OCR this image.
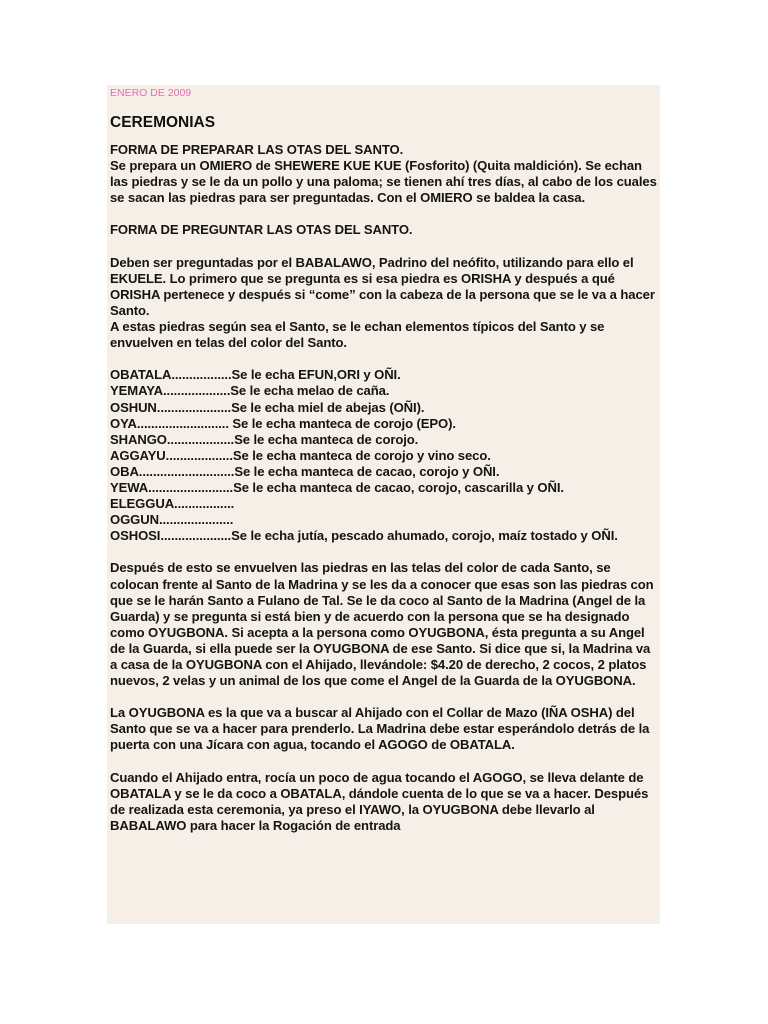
ENERO DE 2009
CEREMONIAS

FORMA DE PREPARAR LAS OTAS DEL SANTO.

Se prepara un OMIERO de SHEWERE KUE KUE (Fosforito) (Quita maldición). Se echan las piedras y se le da un pollo y una paloma; se tienen ahí tres días, al cabo de los cuales se sacan las piedras para ser preguntadas. Con el OMIERO se baldea la casa.

FORMA DE PREGUNTAR LAS OTAS DEL SANTO.

Deben ser preguntadas por el BABALAWO, Padrino del neófito, utilizando para ello el EKUELE. Lo primero que se pregunta es si esa piedra es ORISHA y después a qué ORISHA pertenece y después si “come” con la cabeza de la persona que se le va a hacer Santo.

A estas piedras según sea el Santo, se le echan elementos típicos del Santo y se envuelven en telas del color del Santo.

OBATALA.................Se le echa EFUN,ORI y OÑI.
YEMAYA...................Se le echa melao de caña.
OSHUN.....................Se le echa miel de abejas (OÑI).
OYA.......................... Se le echa manteca de corojo (EPO).
SHANGO...................Se le echa manteca de corojo.
AGGAYU...................Se le echa manteca de corojo y vino seco.
OBA...........................Se le echa manteca de cacao, corojo y OÑI.
YEWA........................Se le echa manteca de cacao, corojo, cascarilla y OÑI.
ELEGGUA.................
OGGUN.....................
OSHOSI....................Se le echa jutía, pescado ahumado, corojo, maíz tostado y OÑI.

Después de esto se envuelven las piedras en las telas del color de cada Santo, se colocan frente al Santo de la Madrina y se les da a conocer que esas son las piedras con que se le harán Santo a Fulano de Tal. Se le da coco al Santo de la Madrina (Angel de la Guarda) y se pregunta si está bien y de acuerdo con la persona que se ha designado como OYUGBONA. Si acepta a la persona como OYUGBONA, ésta pregunta a su Angel de la Guarda, si ella puede ser la OYUGBONA de ese Santo. Si dice que si, la Madrina va a casa de la OYUGBONA con el Ahijado, llevándole: $4.20 de derecho, 2 cocos, 2 platos nuevos, 2 velas y un animal de los que come el Angel de la Guarda de la OYUGBONA.

La OYUGBONA es la que va a buscar al Ahijado con el Collar de Mazo (IÑA OSHA) del Santo que se va a hacer para prenderlo. La Madrina debe estar esperándolo detrás de la puerta con una Jícara con agua, tocando el AGOGO de OBATALA.

Cuando el Ahijado entra, rocía un poco de agua tocando el AGOGO, se lleva delante de OBATALA y se le da coco a OBATALA, dándole cuenta de lo que se va a hacer. Después de realizada esta ceremonia, ya preso el IYAWO, la OYUGBONA debe llevarlo al BABALAWO para hacer la Rogación de entrada
